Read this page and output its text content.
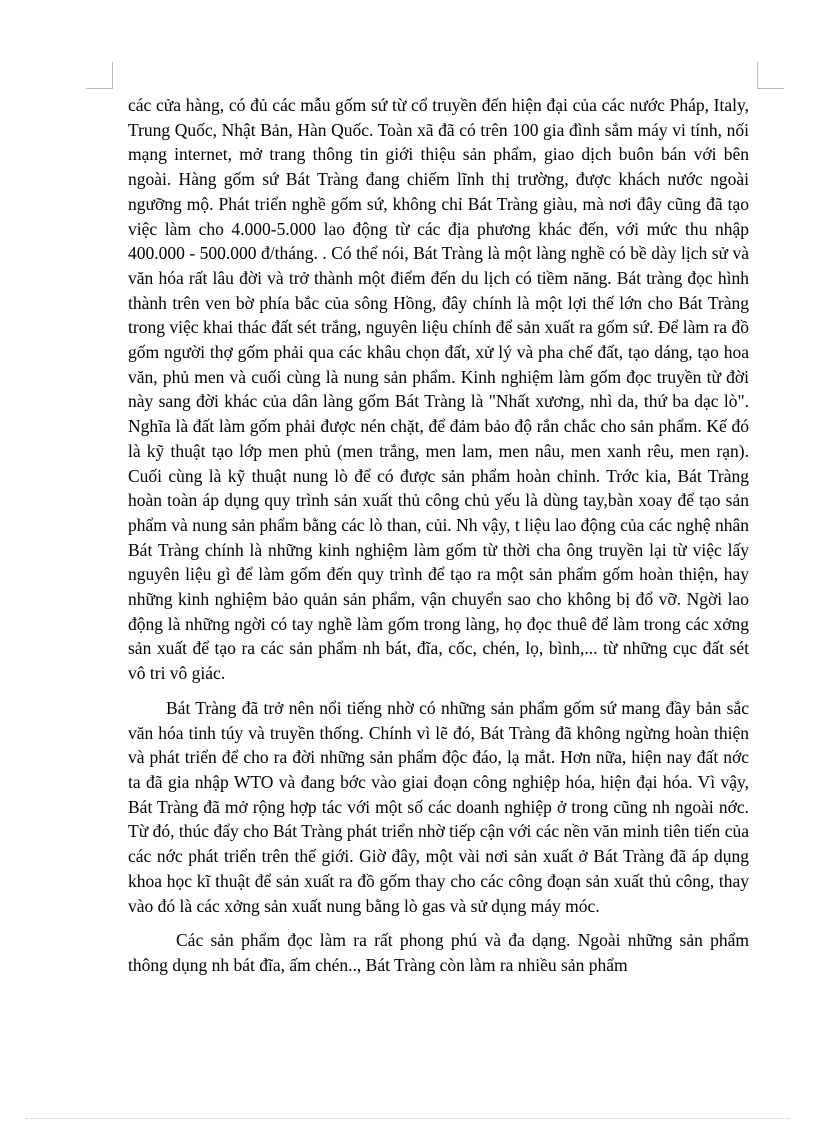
các cửa hàng, có đủ các mẫu gốm sứ từ cổ truyền đến hiện đại của các nước Pháp, Italy, Trung Quốc, Nhật Bản, Hàn Quốc. Toàn xã đã có trên 100 gia đình sắm máy vi tính, nối mạng internet, mở trang thông tin giới thiệu sản phẩm, giao dịch buôn bán với bên ngoài. Hàng gốm sứ Bát Tràng đang chiếm lĩnh thị trường, được khách nước ngoài ngưỡng mộ. Phát triển nghề gốm sứ, không chỉ Bát Tràng giàu, mà nơi đây cũng đã tạo việc làm cho 4.000-5.000 lao động từ các địa phương khác đến, với mức thu nhập 400.000 - 500.000 đ/tháng. . Có thể nói, Bát Tràng là một làng nghề có bề dày lịch sử và văn hóa rất lâu đời và trở thành một điểm đến du lịch có tiềm năng. Bát tràng đọc hình thành trên ven bờ phía bắc của sông Hồng, đây chính là một lợi thế lớn cho Bát Tràng trong việc khai thác đất sét trắng, nguyên liệu chính để sản xuất ra gốm sứ. Để làm ra đồ gốm người thợ gốm phải qua các khâu chọn đất, xử lý và pha chế đất, tạo dáng, tạo hoa văn, phủ men và cuối cùng là nung sản phẩm. Kinh nghiệm làm gốm đọc truyền từ đời này sang đời khác của dân làng gốm Bát Tràng là "Nhất xương, nhì da, thứ ba dạc lò". Nghĩa là đất làm gốm phải được nén chặt, để đảm bảo độ rắn chắc cho sản phẩm. Kế đó là kỹ thuật tạo lớp men phủ (men trắng, men lam, men nâu, men xanh rêu, men rạn). Cuối cùng là kỹ thuật nung lò để có được sản phẩm hoàn chỉnh. Trớc kia, Bát Tràng hoàn toàn áp dụng quy trình sản xuất thủ công chủ yếu là dùng tay,bàn xoay để tạo sản phẩm và nung sản phẩm bằng các lò than, củi. Nh vậy, t liệu lao động của các nghệ nhân Bát Tràng chính là những kinh nghiệm làm gốm từ thời cha ông truyền lại từ việc lấy nguyên liệu gì để làm gốm đến quy trình để tạo ra một sản phẩm gốm hoàn thiện, hay những kinh nghiệm bảo quản sản phẩm, vận chuyển sao cho không bị đổ vỡ. Ngời lao động là những ngời có tay nghề làm gốm trong làng, họ đọc thuê để làm trong các xởng sản xuất để tạo ra các sản phẩm nh bát, đĩa, cốc, chén, lọ, bình,... từ những cục đất sét vô tri vô giác.

Bát Tràng đã trở nên nổi tiếng nhờ có những sản phẩm gốm sứ mang đầy bản sắc văn hóa tinh túy và truyền thống. Chính vì lẽ đó, Bát Tràng đã không ngừng hoàn thiện và phát triển để cho ra đời những sản phẩm độc đáo, lạ mắt. Hơn nữa, hiện nay đất nớc ta đã gia nhập WTO và đang bớc vào giai đoạn công nghiệp hóa, hiện đại hóa. Vì vậy, Bát Tràng đã mở rộng hợp tác với một số các doanh nghiệp ở trong cũng nh ngoài nớc. Từ đó, thúc đẩy cho Bát Tràng phát triển nhờ tiếp cận với các nền văn minh tiên tiến của các nớc phát triển trên thế giới. Giờ đây, một vài nơi sản xuất ở Bát Tràng đã áp dụng khoa học kĩ thuật để sản xuất ra đồ gốm thay cho các công đoạn sản xuất thủ công, thay vào đó là các xởng sản xuất nung bằng lò gas và sử dụng máy móc.

Các sản phẩm đọc làm ra rất phong phú và đa dạng. Ngoài những sản phẩm thông dụng nh bát đĩa, ấm chén.., Bát Tràng còn làm ra nhiều sản phẩm
